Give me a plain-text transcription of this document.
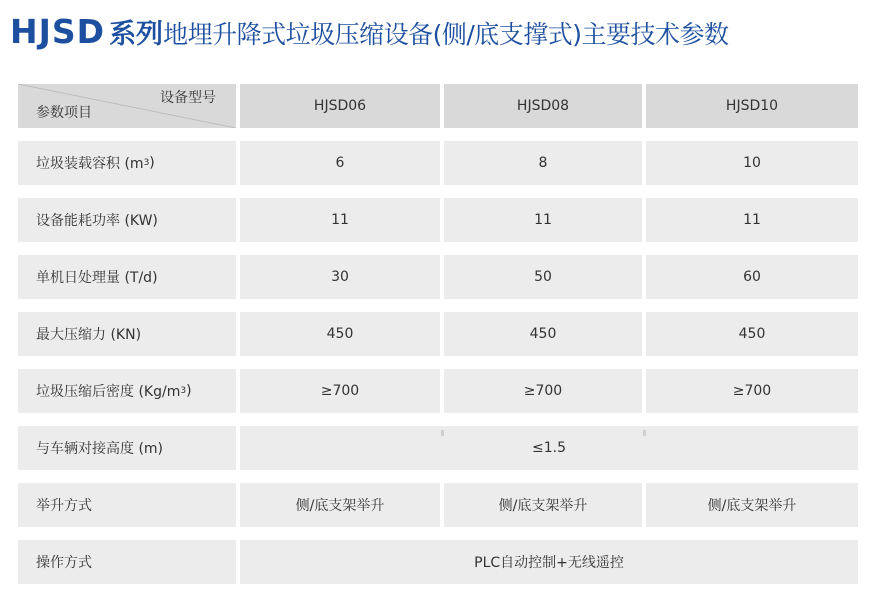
HJSD 系列 地埋升降式垃圾压缩设备(侧/底支撑式)主要技术参数
设备型号
参数项目	HJSD06	HJSD08	HJSD10
垃圾装载容积 (m 3 )	6	8	10
设备能耗功率 (KW)	11	11	11
单机日处理量 (T/d)	30	50	60
最大压缩力 (KN)	450	450	450
垃圾压缩后密度 (Kg/m 3 )	≥700	≥700	≥700
与车辆对接高度 (m)	≤1.5
举升方式	侧/底支架举升	侧/底支架举升	侧/底支架举升
操作方式	PLC自动控制+无线遥控
